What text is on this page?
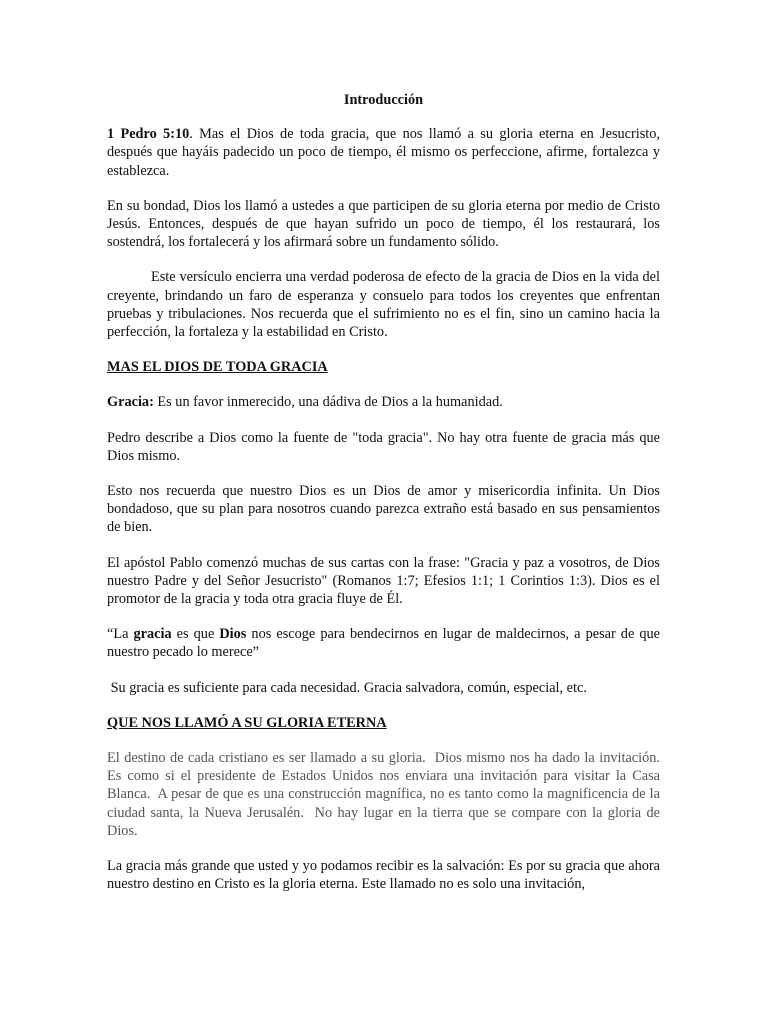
Introducción
1 Pedro 5:10. Mas el Dios de toda gracia, que nos llamó a su gloria eterna en Jesucristo, después que hayáis padecido un poco de tiempo, él mismo os perfeccione, afirme, fortalezca y establezca.
En su bondad, Dios los llamó a ustedes a que participen de su gloria eterna por medio de Cristo Jesús. Entonces, después de que hayan sufrido un poco de tiempo, él los restaurará, los sostendrá, los fortalecerá y los afirmará sobre un fundamento sólido.
Este versículo encierra una verdad poderosa de efecto de la gracia de Dios en la vida del creyente, brindando un faro de esperanza y consuelo para todos los creyentes que enfrentan pruebas y tribulaciones. Nos recuerda que el sufrimiento no es el fin, sino un camino hacia la perfección, la fortaleza y la estabilidad en Cristo.
MAS EL DIOS DE TODA GRACIA
Gracia: Es un favor inmerecido, una dádiva de Dios a la humanidad.
Pedro describe a Dios como la fuente de "toda gracia". No hay otra fuente de gracia más que Dios mismo.
Esto nos recuerda que nuestro Dios es un Dios de amor y misericordia infinita. Un Dios bondadoso, que su plan para nosotros cuando parezca extraño está basado en sus pensamientos de bien.
El apóstol Pablo comenzó muchas de sus cartas con la frase: "Gracia y paz a vosotros, de Dios nuestro Padre y del Señor Jesucristo" (Romanos 1:7; Efesios 1:1; 1 Corintios 1:3). Dios es el promotor de la gracia y toda otra gracia fluye de Él.
“La gracia es que Dios nos escoge para bendecirnos en lugar de maldecirnos, a pesar de que nuestro pecado lo merece”
Su gracia es suficiente para cada necesidad. Gracia salvadora, común, especial, etc.
QUE NOS LLAMÓ A SU GLORIA ETERNA
El destino de cada cristiano es ser llamado a su gloria.  Dios mismo nos ha dado la invitación.  Es como si el presidente de Estados Unidos nos enviara una invitación para visitar la Casa Blanca.  A pesar de que es una construcción magnífica, no es tanto como la magnificencia de la ciudad santa, la Nueva Jerusalén.  No hay lugar en la tierra que se compare con la gloria de Dios.
La gracia más grande que usted y yo podamos recibir es la salvación: Es por su gracia que ahora nuestro destino en Cristo es la gloria eterna. Este llamado no es solo una invitación,
